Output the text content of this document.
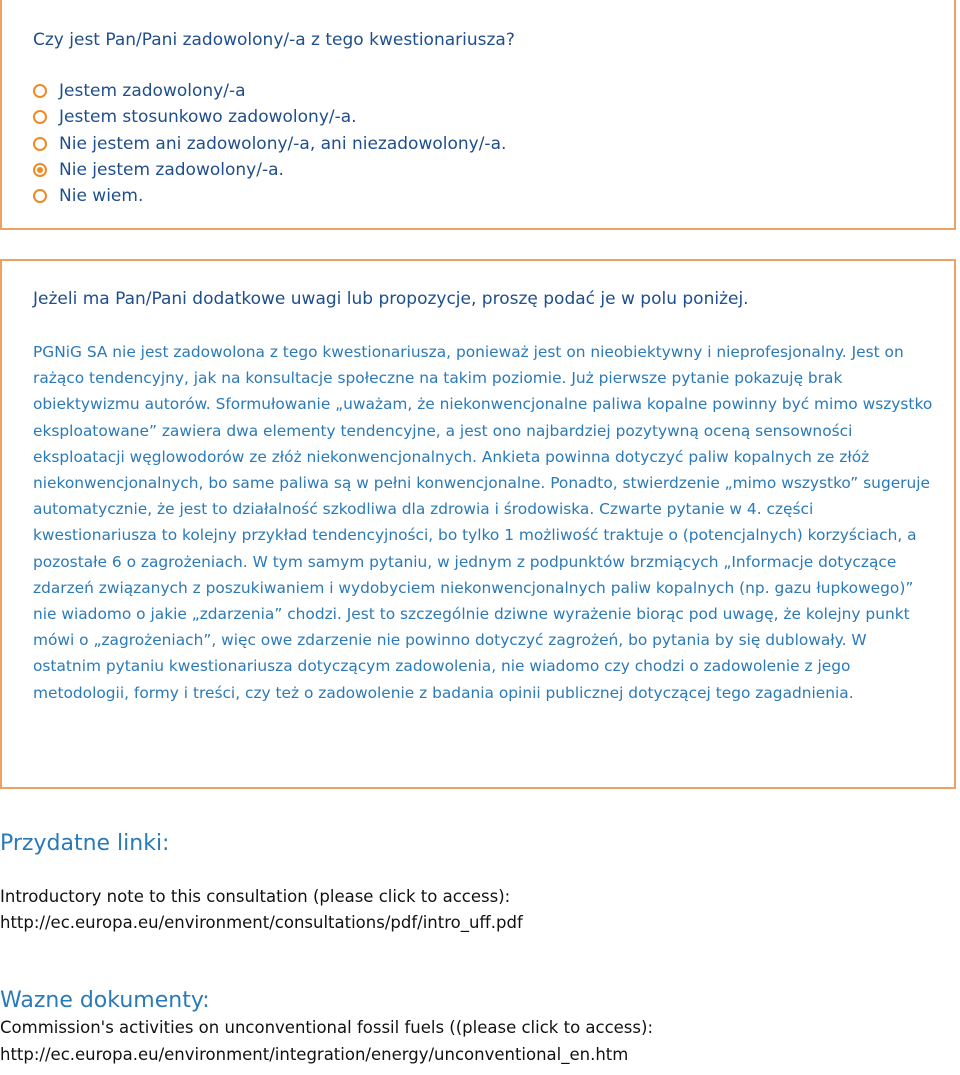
Czy jest Pan/Pani zadowolony/-a z tego kwestionariusza?

Jestem zadowolony/-a
Jestem stosunkowo zadowolony/-a.
Nie jestem ani zadowolony/-a, ani niezadowolony/-a.
Nie jestem zadowolony/-a.
Nie wiem.

Jeżeli ma Pan/Pani dodatkowe uwagi lub propozycje, proszę podać je w polu poniżej.

PGNiG SA nie jest zadowolona z tego kwestionariusza, ponieważ jest on nieobiektywny i nieprofesjonalny. Jest on rażąco tendencyjny, jak na konsultacje społeczne na takim poziomie. Już pierwsze pytanie pokazuję brak obiektywizmu autorów. Sformułowanie „uważam, że niekonwencjonalne paliwa kopalne powinny być mimo wszystko eksploatowane” zawiera dwa elementy tendencyjne, a jest ono najbardziej pozytywną oceną sensowności eksploatacji węglowodorów ze złóż niekonwencjonalnych. Ankieta powinna dotyczyć paliw kopalnych ze złóż niekonwencjonalnych, bo same paliwa są w pełni konwencjonalne. Ponadto, stwierdzenie „mimo wszystko” sugeruje automatycznie, że jest to działalność szkodliwa dla zdrowia i środowiska. Czwarte pytanie w 4. części kwestionariusza to kolejny przykład tendencyjności, bo tylko 1 możliwość traktuje o (potencjalnych) korzyściach, a pozostałe 6 o zagrożeniach. W tym samym pytaniu, w jednym z podpunktów brzmiących „Informacje dotyczące zdarzeń związanych z poszukiwaniem i wydobyciem niekonwencjonalnych paliw kopalnych (np. gazu łupkowego)” nie wiadomo o jakie „zdarzenia” chodzi. Jest to szczególnie dziwne wyrażenie biorąc pod uwagę, że kolejny punkt mówi o „zagrożeniach”, więc owe zdarzenie nie powinno dotyczyć zagrożeń, bo pytania by się dublowały. W ostatnim pytaniu kwestionariusza dotyczącym zadowolenia, nie wiadomo czy chodzi o zadowolenie z jego metodologii, formy i treści, czy też o zadowolenie z badania opinii publicznej dotyczącej tego zagadnienia.

Przydatne linki:

Introductory note to this consultation (please click to access):

http://ec.europa.eu/environment/consultations/pdf/intro_uff.pdf
Wazne dokumenty:

Commission's activities on unconventional fossil fuels ((please click to access):

http://ec.europa.eu/environment/integration/energy/unconventional_en.htm
